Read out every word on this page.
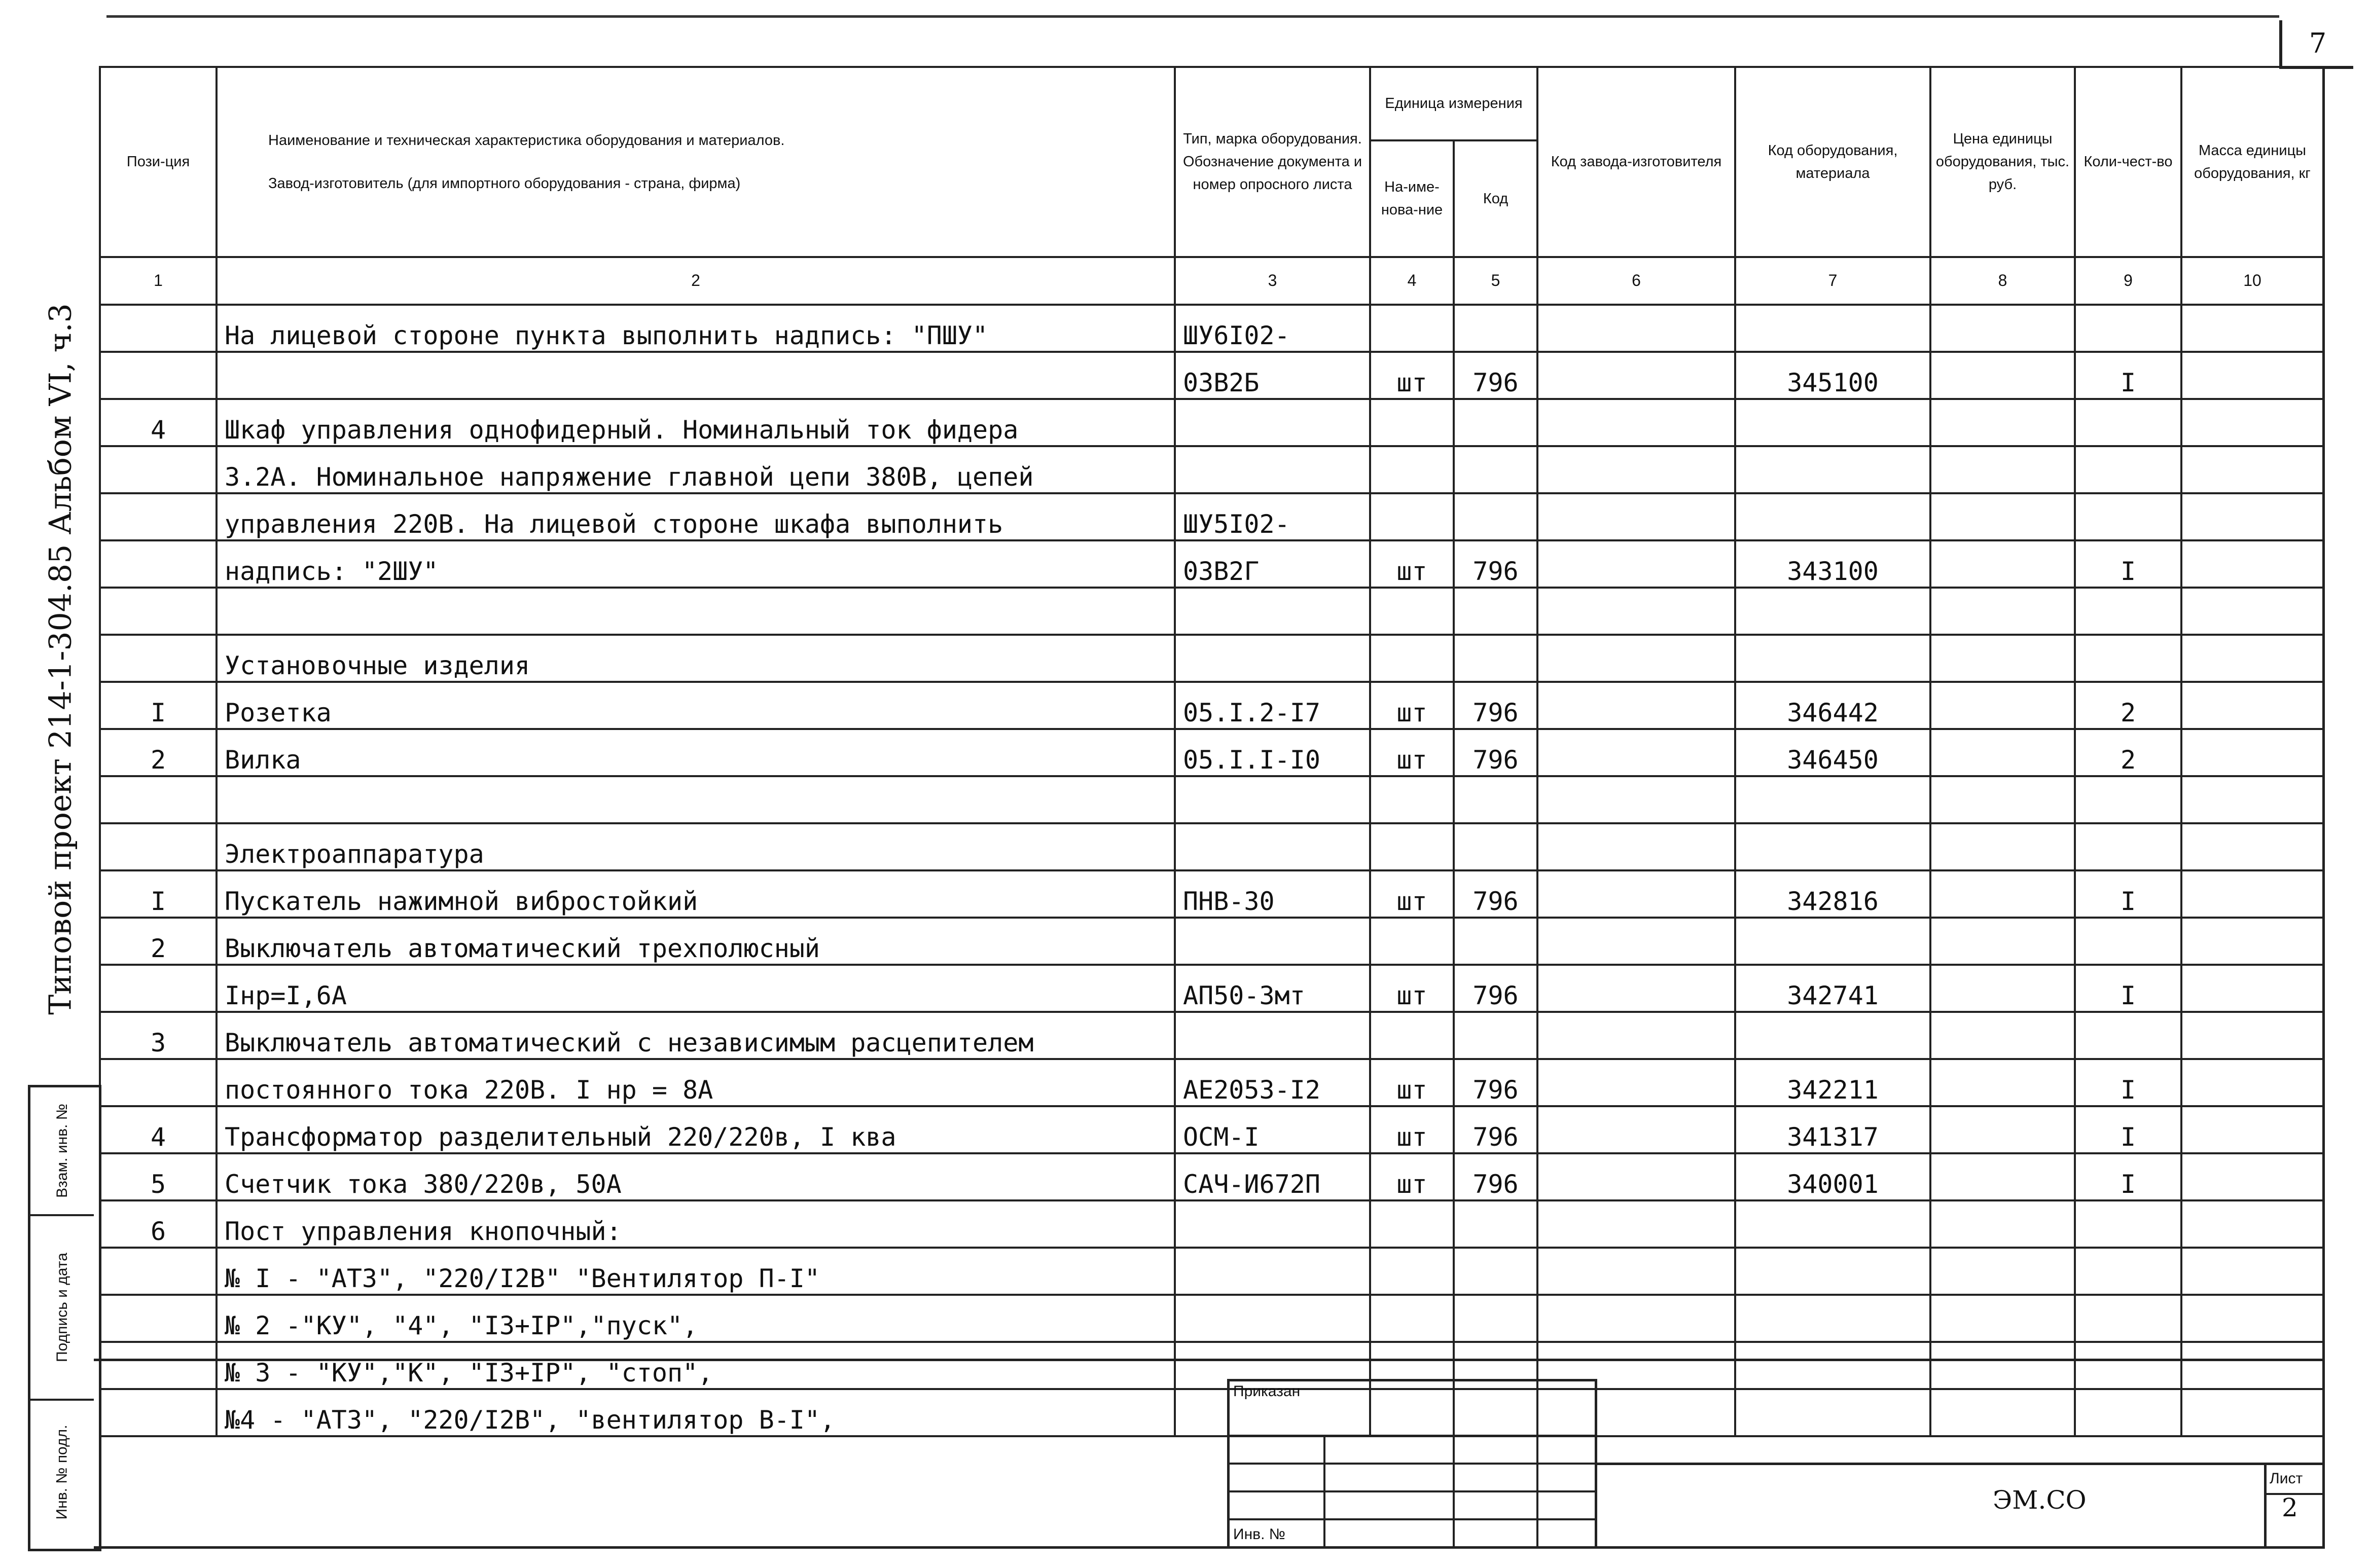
7
Типовой проект 214-1-304.85 Альбом VI, ч.3
Взам. инв. №
Подпись и дата
Инв. № подл.
Пози-ция	Наименование и техническая характеристика оборудования и материалов.
Завод-изготовитель (для импортного оборудования - страна, фирма)	Тип, марка оборудования. Обозначение документа и номер опросного листа	Единица измерения		Код завода-изготовителя	Код оборудования, материала	Цена единицы оборудования, тыс. руб.	Коли-чест-во	Масса единицы оборудования, кг
			На-име-нова-ние	Код					
1	2	3	4	5	6	7	8	9	10
	На лицевой стороне пункта выполнить надпись: "ПШУ"	ШУ6I02-							
		03В2Б	шт	796		345100		I	
4	Шкаф управления однофидерный. Номинальный ток фидера								
	3.2А. Номинальное напряжение главной цепи 380В, цепей								
	управления 220В. На лицевой стороне шкафа выполнить	ШУ5I02-							
	надпись: "2ШУ"	03В2Г	шт	796		343100		I	

	Установочные изделия								
I	Розетка	05.I.2-I7	шт	796		346442		2	
2	Вилка	05.I.I-I0	шт	796		346450		2	

	Электроаппаратура								
I	Пускатель нажимной вибростойкий	ПНВ-30	шт	796		342816		I	
2	Выключатель автоматический трехполюсный								
	Iнр=I,6А	АП50-3мт	шт	796		342741		I	
3	Выключатель автоматический с независимым расцепителем								
	постоянного тока 220В. I нр = 8А	АЕ2053-I2	шт	796		342211		I	
4	Трансформатор разделительный 220/220в, I ква	ОСМ-I	шт	796		341317		I	
5	Счетчик тока 380/220в, 50А	САЧ-И672П	шт	796		340001		I	
6	Пост управления кнопочный:								
	№ I - "АТЗ", "220/I2В" "Вентилятор П-I"								
	№ 2 -"КУ", "4", "I3+IР","пуск",								
	№ 3 - "КУ","К", "I3+IР", "стоп",								
	№4 - "АТЗ", "220/I2В", "вентилятор В-I",								
Приказан
Инв. №
ЭМ.СО
Лист
2
